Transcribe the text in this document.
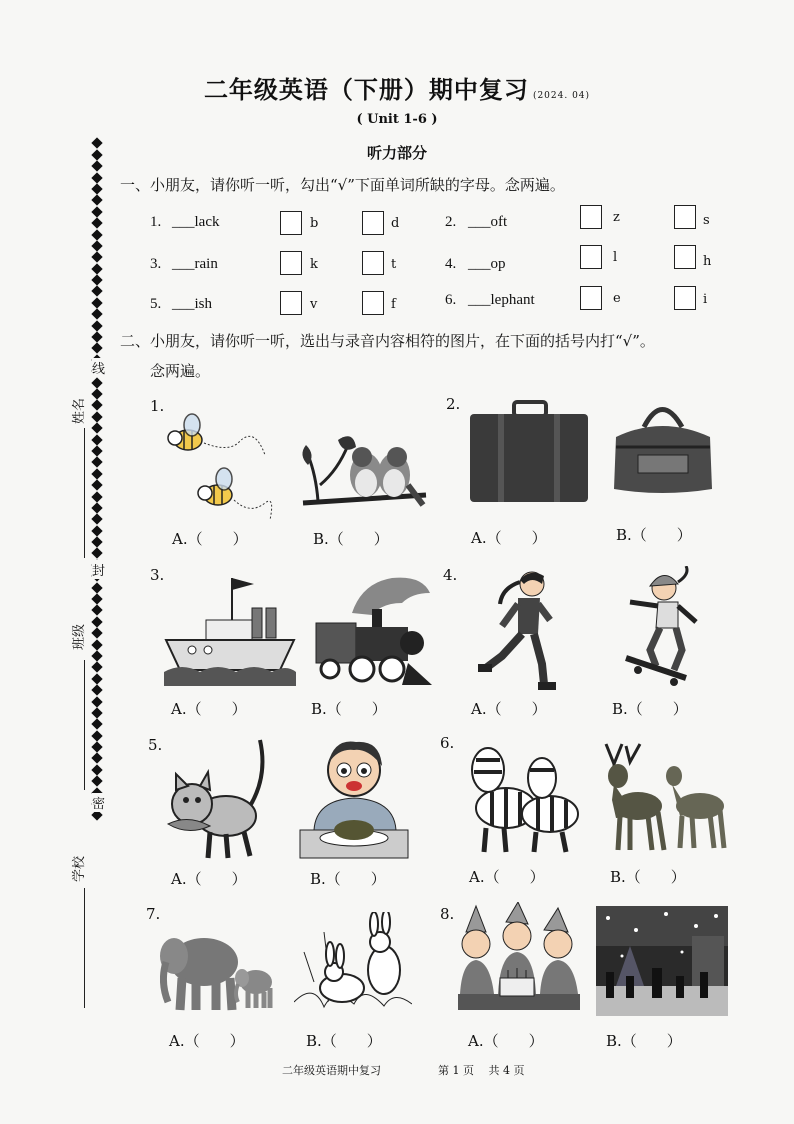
二年级英语（下册）期中复习 (2024. 04)
( Unit 1-6 )
听力部分
姓名
线
班级
封
学校
密
一、小朋友，请你听一听，勾出“√”下面单词所缺的字母。念两遍。
1. ___lack	b	d	2. ___oft	z	s
3. ___rain	k	t	4. ___op	l	h
5. ___ish	v	f	6. ___lephant	e	i
二、小朋友，请你听一听，选出与录音内容相符的图片，在下面的括号内打“√”。
念两遍。
1.
A.（　　）	B.（　　）
2.
A.（　　）	B.（　　）
3.
A.（　　）	B.（　　）
4.
A.（　　）	B.（　　）
5.
A.（　　）	B.（　　）
6.
A.（　　）	B.（　　）
7.
A.（　　）	B.（　　）
8.
A.（　　）	B.（　　）
二年级英语期中复习	第 1 页　 共 4 页
